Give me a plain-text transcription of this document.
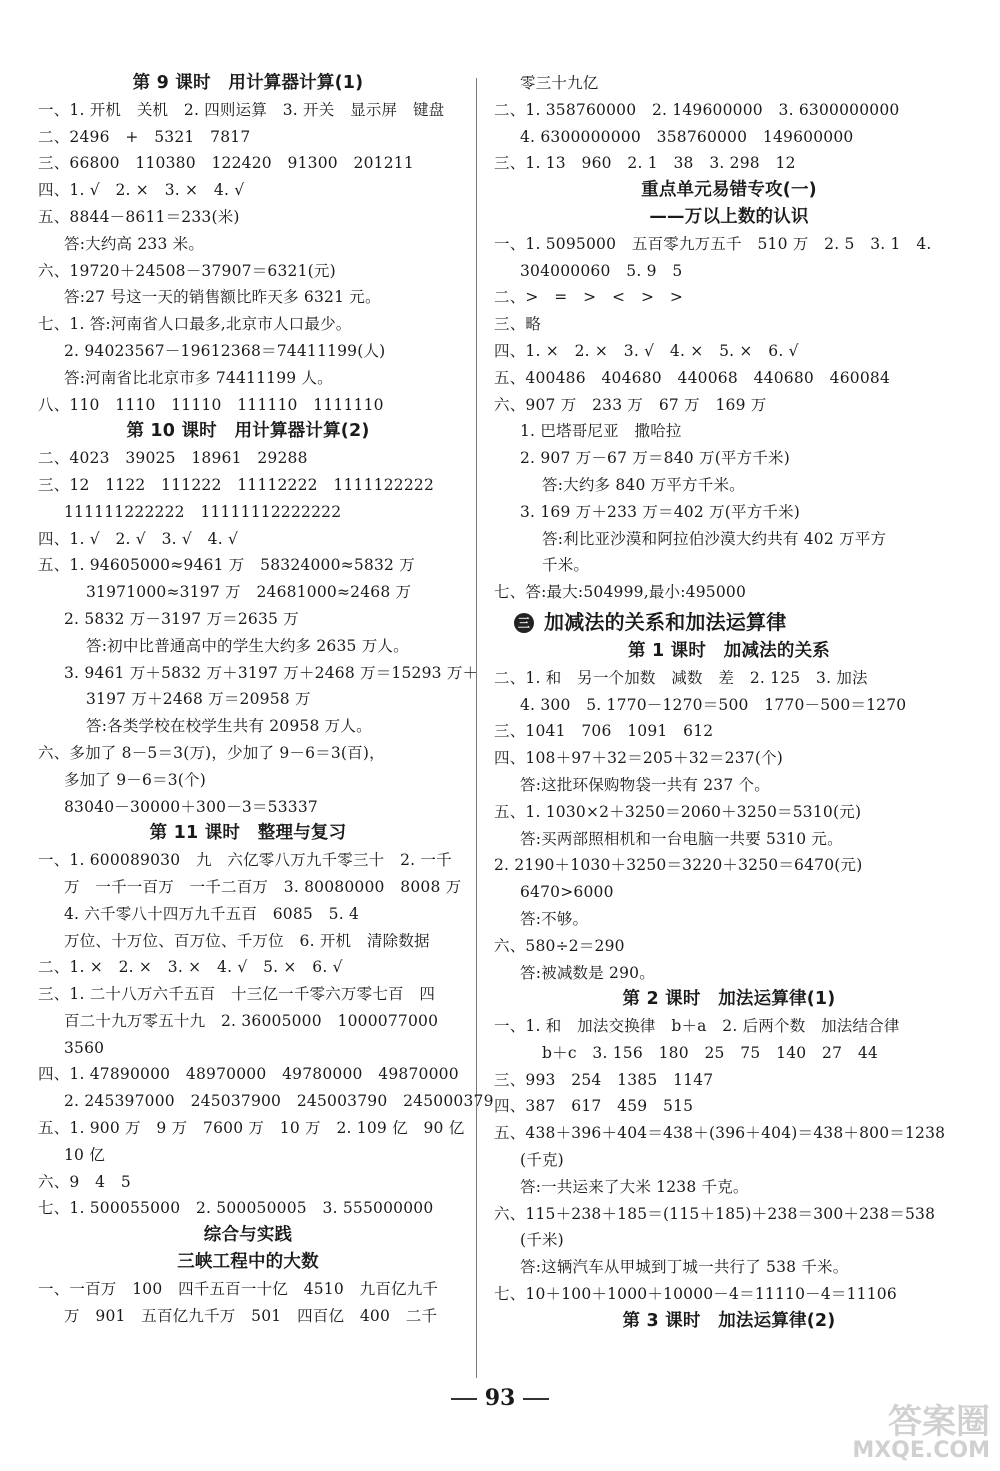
第 9 课时　用计算器计算(1)
一、1. 开机　关机　2. 四则运算　3. 开关　显示屏　键盘
二、2496　+　5321　7817
三、66800　110380　122420　91300　201211
四、1. √　2. ×　3. ×　4. √
五、8844－8611＝233(米)
答:大约高 233 米。
六、19720＋24508－37907＝6321(元)
答:27 号这一天的销售额比昨天多 6321 元。
七、1. 答:河南省人口最多,北京市人口最少。
2. 94023567－19612368＝74411199(人)
答:河南省比北京市多 74411199 人。
八、110　1110　11110　111110　1111110
第 10 课时　用计算器计算(2)
二、4023　39025　18961　29288
三、12　1122　111222　11112222　1111122222
111111222222　11111112222222
四、1. √　2. √　3. √　4. √
五、1. 94605000≈9461 万　58324000≈5832 万
31971000≈3197 万　24681000≈2468 万
2. 5832 万－3197 万＝2635 万
答:初中比普通高中的学生大约多 2635 万人。
3. 9461 万＋5832 万＋3197 万＋2468 万＝15293 万＋
3197 万＋2468 万＝20958 万
答:各类学校在校学生共有 20958 万人。
六、多加了 8－5＝3(万)，少加了 9－6＝3(百)，
多加了 9－6＝3(个)
83040－30000＋300－3＝53337
第 11 课时　整理与复习
一、1. 600089030　九　六亿零八万九千零三十　2. 一千
万　一千一百万　一千二百万　3. 80080000　8008 万
4. 六千零八十四万九千五百　6085　5. 4
万位、十万位、百万位、千万位　6. 开机　清除数据
二、1. ×　2. ×　3. ×　4. √　5. ×　6. √
三、1. 二十八万六千五百　十三亿一千零六万零七百　四
百二十九万零五十九　2. 36005000　1000077000
3560
四、1. 47890000　48970000　49780000　49870000
2. 245397000　245037900　245003790　245000379
五、1. 900 万　9 万　7600 万　10 万　2. 109 亿　90 亿
10 亿
六、9　4　5
七、1. 500055000　2. 500050005　3. 555000000
综合与实践
三峡工程中的大数
一、一百万　100　四千五百一十亿　4510　九百亿九千
万　901　五百亿九千万　501　四百亿　400　二千
零三十九亿
二、1. 358760000　2. 149600000　3. 6300000000
4. 6300000000　358760000　149600000
三、1. 13　960　2. 1　38　3. 298　12
重点单元易错专攻(一)
——万以上数的认识
一、1. 5095000　五百零九万五千　510 万　2. 5　3. 1　4.
304000060　5. 9　5
二、>　=　>　<　>　>
三、略
四、1. ×　2. ×　3. √　4. ×　5. ×　6. √
五、400486　404680　440068　440680　460084
六、907 万　233 万　67 万　169 万
1. 巴塔哥尼亚　撒哈拉
2. 907 万－67 万＝840 万(平方千米)
答:大约多 840 万平方千米。
3. 169 万＋233 万＝402 万(平方千米)
答:利比亚沙漠和阿拉伯沙漠大约共有 402 万平方
千米。
七、答:最大:504999,最小:495000
三 加减法的关系和加法运算律
第 1 课时　加减法的关系
二、1. 和　另一个加数　减数　差　2. 125　3. 加法
4. 300　5. 1770－1270＝500　1770－500＝1270
三、1041　706　1091　612
四、108＋97＋32＝205＋32＝237(个)
答:这批环保购物袋一共有 237 个。
五、1. 1030×2＋3250＝2060＋3250＝5310(元)
答:买两部照相机和一台电脑一共要 5310 元。
2. 2190＋1030＋3250＝3220＋3250＝6470(元)
6470>6000
答:不够。
六、580÷2＝290
答:被减数是 290。
第 2 课时　加法运算律(1)
一、1. 和　加法交换律　b＋a　2. 后两个数　加法结合律
b＋c　3. 156　180　25　75　140　27　44
三、993　254　1385　1147
四、387　617　459　515
五、438＋396＋404＝438＋(396＋404)＝438＋800＝1238
(千克)
答:一共运来了大米 1238 千克。
六、115＋238＋185＝(115＋185)＋238＝300＋238＝538
(千米)
答:这辆汽车从甲城到丁城一共行了 538 千米。
七、10＋100＋1000＋10000－4＝11110－4＝11106
第 3 课时　加法运算律(2)
93
答案圈
MXQE.COM
